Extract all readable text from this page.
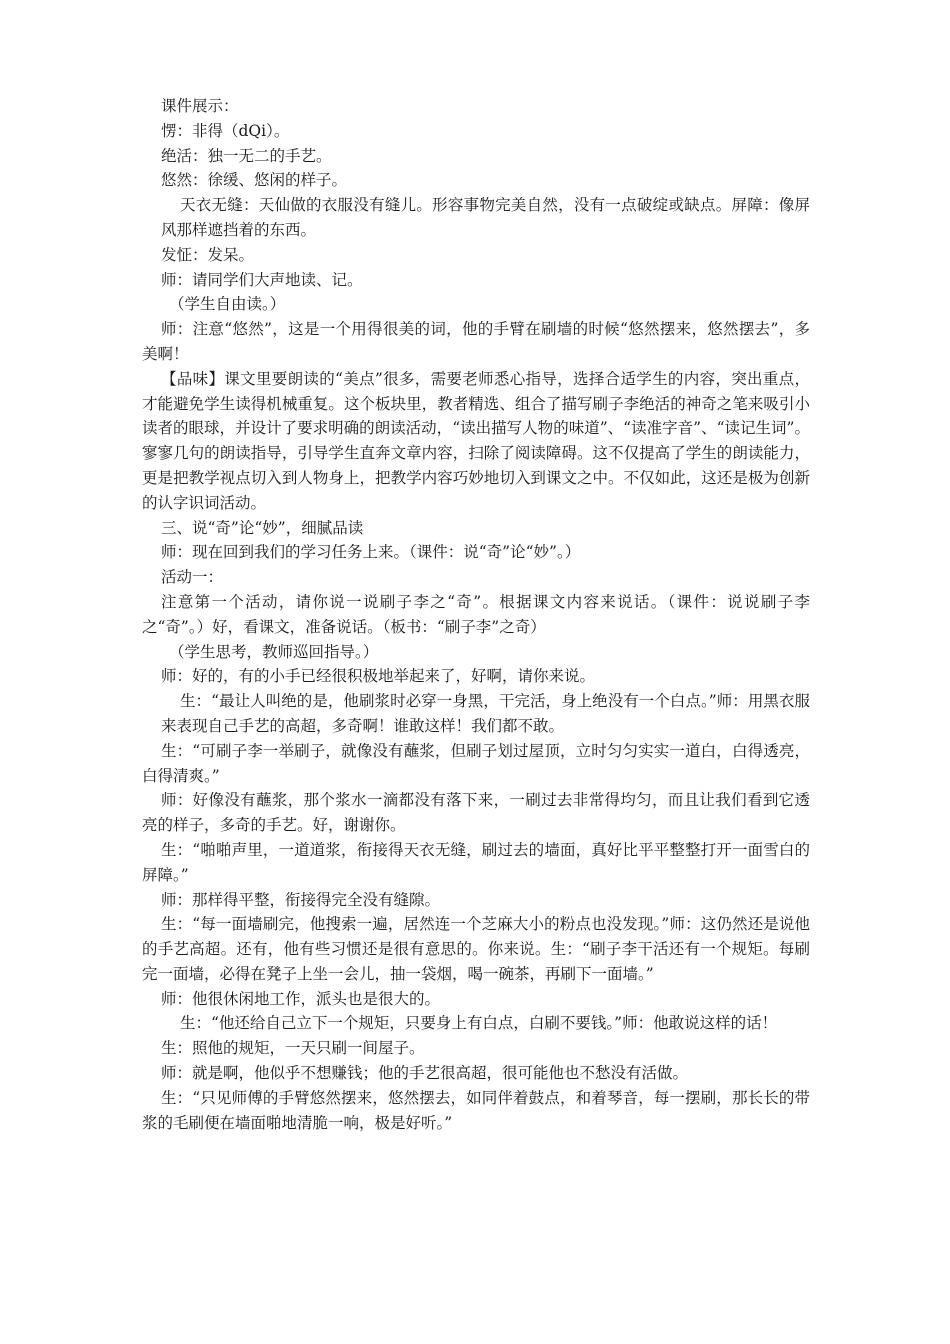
课件展示：

愣：非得（dQi）。

绝活：独一无二的手艺。

悠然：徐缓、悠闲的样子。

天衣无缝：天仙做的衣服没有缝儿。形容事物完美自然，没有一点破绽或缺点。屏障：像屏风那样遮挡着的东西。

发怔：发呆。

师：请同学们大声地读、记。

（学生自由读。）

师：注意“悠然”，这是一个用得很美的词，他的手臂在刷墙的时候“悠然摆来，悠然摆去”，多美啊！

【品味】课文里要朗读的“美点”很多，需要老师悉心指导，选择合适学生的内容，突出重点，才能避免学生读得机械重复。这个板块里，教者精选、组合了描写刷子李绝活的神奇之笔来吸引小读者的眼球，并设计了要求明确的朗读活动，“读出描写人物的味道”、“读准字音”、“读记生词”。寥寥几句的朗读指导，引导学生直奔文章内容，扫除了阅读障碍。这不仅提高了学生的朗读能力，更是把教学视点切入到人物身上，把教学内容巧妙地切入到课文之中。不仅如此，这还是极为创新的认字识词活动。

三、说“奇”论“妙”，细腻品读

师：现在回到我们的学习任务上来。（课件：说“奇”论“妙”。）

活动一：

注意第一个活动，请你说一说刷子李之“奇”。根据课文内容来说话。（课件：说说刷子李之“奇”。）好，看课文，准备说话。（板书：“刷子李”之奇）

（学生思考，教师巡回指导。）

师：好的，有的小手已经很积极地举起来了，好啊，请你来说。

生：“最让人叫绝的是，他刷浆时必穿一身黑，干完活，身上绝没有一个白点。”师：用黑衣服来表现自己手艺的高超，多奇啊！谁敢这样！我们都不敢。

生：“可刷子李一举刷子，就像没有蘸浆，但刷子划过屋顶，立时匀匀实实一道白，白得透亮，白得清爽。”

师：好像没有蘸浆，那个浆水一滴都没有落下来，一刷过去非常得均匀，而且让我们看到它透亮的样子，多奇的手艺。好，谢谢你。

生：“啪啪声里，一道道浆，衔接得天衣无缝，刷过去的墙面，真好比平平整整打开一面雪白的屏障。”

师：那样得平整，衔接得完全没有缝隙。

生：“每一面墙刷完，他搜索一遍，居然连一个芝麻大小的粉点也没发现。”师：这仍然还是说他的手艺高超。还有，他有些习惯还是很有意思的。你来说。生：“刷子李干活还有一个规矩。每刷完一面墙，必得在凳子上坐一会儿，抽一袋烟，喝一碗茶，再刷下一面墙。”

师：他很休闲地工作，派头也是很大的。

生：“他还给自己立下一个规矩，只要身上有白点，白刷不要钱。”师：他敢说这样的话！

生：照他的规矩，一天只刷一间屋子。

师：就是啊，他似乎不想赚钱；他的手艺很高超，很可能他也不愁没有活做。

生：“只见师傅的手臂悠然摆来，悠然摆去，如同伴着鼓点，和着琴音，每一摆刷，那长长的带浆的毛刷便在墙面啪地清脆一响，极是好听。”
